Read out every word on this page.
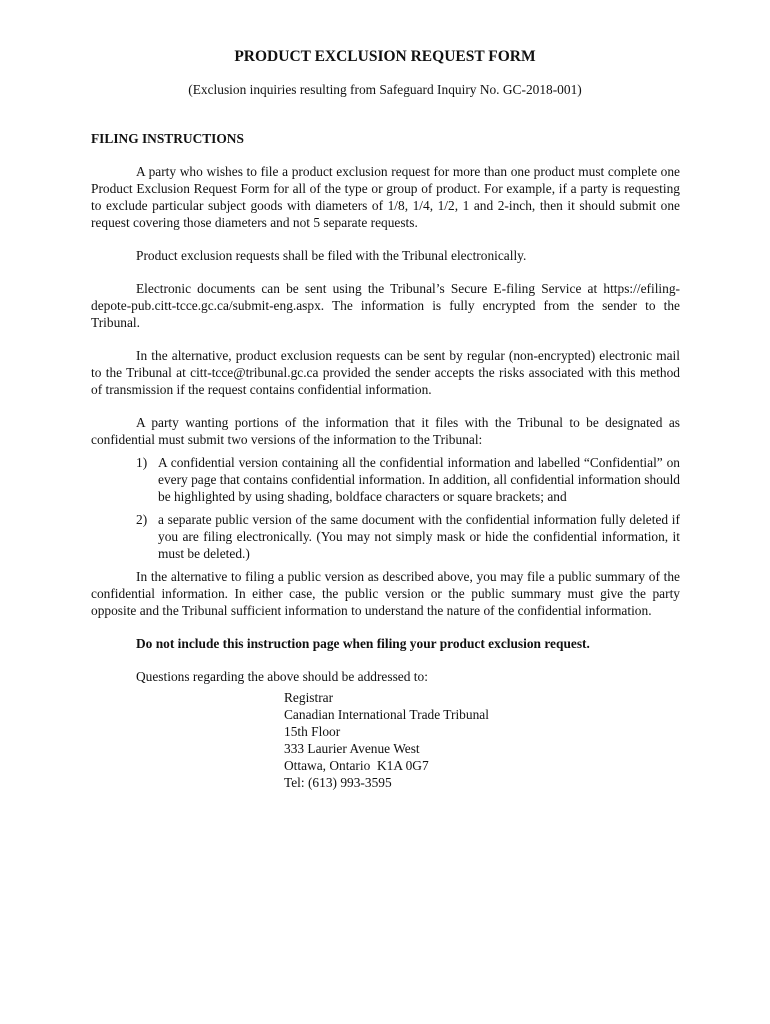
PRODUCT EXCLUSION REQUEST FORM
(Exclusion inquiries resulting from Safeguard Inquiry No. GC-2018-001)
FILING INSTRUCTIONS

A party who wishes to file a product exclusion request for more than one product must complete one Product Exclusion Request Form for all of the type or group of product. For example, if a party is requesting to exclude particular subject goods with diameters of 1/8, 1/4, 1/2, 1 and 2-inch, then it should submit one request covering those diameters and not 5 separate requests.

Product exclusion requests shall be filed with the Tribunal electronically.

Electronic documents can be sent using the Tribunal’s Secure E-filing Service at https://efiling-depote-pub.citt-tcce.gc.ca/submit-eng.aspx. The information is fully encrypted from the sender to the Tribunal.

In the alternative, product exclusion requests can be sent by regular (non-encrypted) electronic mail to the Tribunal at citt-tcce@tribunal.gc.ca provided the sender accepts the risks associated with this method of transmission if the request contains confidential information.

A party wanting portions of the information that it files with the Tribunal to be designated as confidential must submit two versions of the information to the Tribunal:

1) A confidential version containing all the confidential information and labelled “Confidential” on every page that contains confidential information. In addition, all confidential information should be highlighted by using shading, boldface characters or square brackets; and
2) a separate public version of the same document with the confidential information fully deleted if you are filing electronically. (You may not simply mask or hide the confidential information, it must be deleted.)

In the alternative to filing a public version as described above, you may file a public summary of the confidential information. In either case, the public version or the public summary must give the party opposite and the Tribunal sufficient information to understand the nature of the confidential information.

Do not include this instruction page when filing your product exclusion request.

Questions regarding the above should be addressed to:

Registrar
Canadian International Trade Tribunal
15th Floor
333 Laurier Avenue West
Ottawa, Ontario  K1A 0G7
Tel: (613) 993-3595
